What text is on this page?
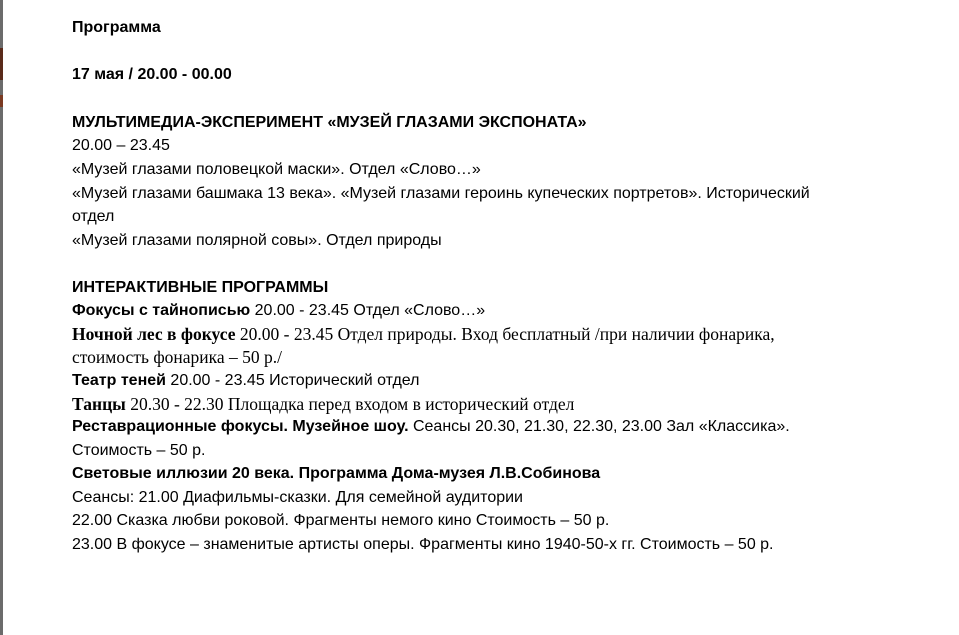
Программа
17 мая / 20.00 - 00.00
МУЛЬТИМЕДИА-ЭКСПЕРИМЕНТ «МУЗЕЙ ГЛАЗАМИ ЭКСПОНАТА»
20.00 – 23.45
«Музей глазами половецкой маски». Отдел «Слово…»
«Музей глазами башмака 13 века». «Музей глазами героинь купеческих портретов». Исторический
отдел
«Музей глазами полярной совы». Отдел природы
ИНТЕРАКТИВНЫЕ ПРОГРАММЫ
Фокусы с тайнописью 20.00 - 23.45 Отдел «Слово…»
Ночной лес в фокусе 20.00 - 23.45 Отдел природы. Вход бесплатный /при наличии фонарика,
стоимость фонарика – 50 р./
Театр теней 20.00 - 23.45 Исторический отдел
Танцы 20.30 - 22.30 Площадка перед входом в исторический отдел
Реставрационные фокусы. Музейное шоу. Сеансы 20.30, 21.30, 22.30, 23.00 Зал «Классика».
Стоимость – 50 р.
Световые иллюзии 20 века. Программа Дома-музея Л.В.Собинова
Сеансы: 21.00 Диафильмы-сказки. Для семейной аудитории
22.00 Сказка любви роковой. Фрагменты немого кино Стоимость – 50 р.
23.00 В фокусе – знаменитые артисты оперы. Фрагменты кино 1940-50-х гг. Стоимость – 50 р.
